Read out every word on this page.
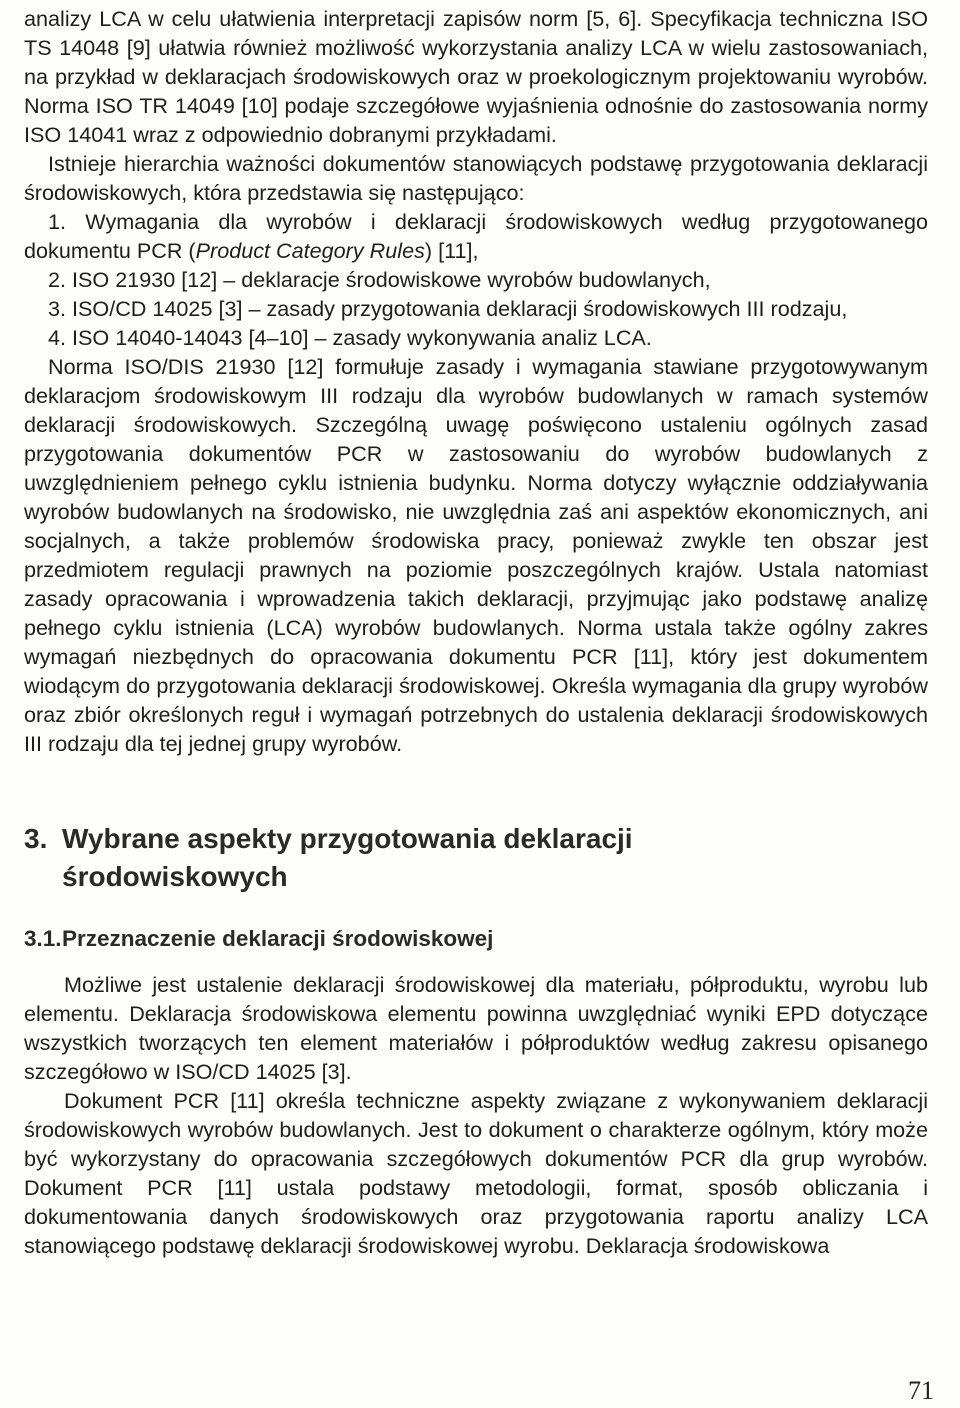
analizy LCA w celu ułatwienia interpretacji zapisów norm [5, 6]. Specyfikacja techniczna ISO TS 14048 [9] ułatwia również możliwość wykorzystania analizy LCA w wielu zastosowaniach, na przykład w deklaracjach środowiskowych oraz w proekologicznym projektowaniu wyrobów. Norma ISO TR 14049 [10] podaje szczegółowe wyjaśnienia odnośnie do zastosowania normy ISO 14041 wraz z odpowiednio dobranymi przykładami.

Istnieje hierarchia ważności dokumentów stanowiących podstawę przygotowania deklaracji środowiskowych, która przedstawia się następująco:

1. Wymagania dla wyrobów i deklaracji środowiskowych według przygotowanego dokumentu PCR (Product Category Rules) [11],

2. ISO 21930 [12] – deklaracje środowiskowe wyrobów budowlanych,

3. ISO/CD 14025 [3] – zasady przygotowania deklaracji środowiskowych III rodzaju,

4. ISO 14040-14043 [4–10] – zasady wykonywania analiz LCA.

Norma ISO/DIS 21930 [12] formułuje zasady i wymagania stawiane przygotowywanym deklaracjom środowiskowym III rodzaju dla wyrobów budowlanych w ramach systemów deklaracji środowiskowych. Szczególną uwagę poświęcono ustaleniu ogólnych zasad przygotowania dokumentów PCR w zastosowaniu do wyrobów budowlanych z uwzględnieniem pełnego cyklu istnienia budynku. Norma dotyczy wyłącznie oddziaływania wyrobów budowlanych na środowisko, nie uwzględnia zaś ani aspektów ekonomicznych, ani socjalnych, a także problemów środowiska pracy, ponieważ zwykle ten obszar jest przedmiotem regulacji prawnych na poziomie poszczególnych krajów. Ustala natomiast zasady opracowania i wprowadzenia takich deklaracji, przyjmując jako podstawę analizę pełnego cyklu istnienia (LCA) wyrobów budowlanych. Norma ustala także ogólny zakres wymagań niezbędnych do opracowania dokumentu PCR [11], który jest dokumentem wiodącym do przygotowania deklaracji środowiskowej. Określa wymagania dla grupy wyrobów oraz zbiór określonych reguł i wymagań potrzebnych do ustalenia deklaracji środowiskowych III rodzaju dla tej jednej grupy wyrobów.

3. Wybrane aspekty przygotowania deklaracji
środowiskowych
3.1.Przeznaczenie deklaracji środowiskowej

Możliwe jest ustalenie deklaracji środowiskowej dla materiału, półproduktu, wyrobu lub elementu. Deklaracja środowiskowa elementu powinna uwzględniać wyniki EPD dotyczące wszystkich tworzących ten element materiałów i półproduktów według zakresu opisanego szczegółowo w ISO/CD 14025 [3].

Dokument PCR [11] określa techniczne aspekty związane z wykonywaniem deklaracji środowiskowych wyrobów budowlanych. Jest to dokument o charakterze ogólnym, który może być wykorzystany do opracowania szczegółowych dokumentów PCR dla grup wyrobów. Dokument PCR [11] ustala podstawy metodologii, format, sposób obliczania i dokumentowania danych środowiskowych oraz przygotowania raportu analizy LCA stanowiącego podstawę deklaracji środowiskowej wyrobu. Deklaracja środowiskowa

71
